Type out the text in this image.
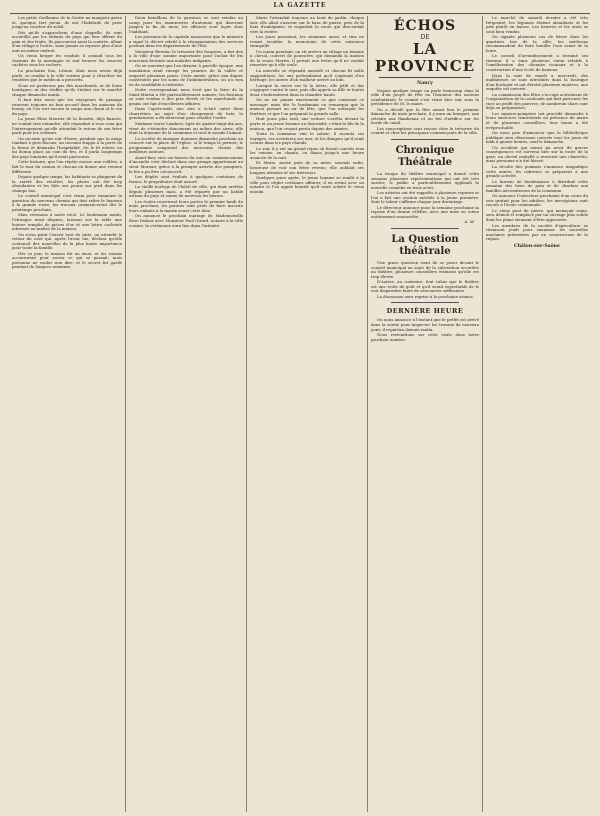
LA GAZETTE

Les petits Guillaume de la Grotte ne mangent guère et, quoique fort pieux, ils ont l'habitude de prier jusqu'au coucher du soleil.

Dès qu'ils s'approchent d'une chapelle, ils sont accueillis par les enfants du pays qui leur offrent du pain et des fruits. Ils parcourent ainsi la contrée, allant d'un village à l'autre, sans jamais se reposer plus d'une nuit au même endroit.

Un vieux berger les conduit; il connaît tous les chemins de la montagne et sait trouver les sources cachées sous les rochers.

La prochaine fois, Léonie, dont nous avons déjà parlé, se rendra à la ville voisine pour y chercher les remèdes que le médecin a prescrits.

Nous ne parlerons pas des marchands, ni de leurs boutiques, ni des étoffes qu'ils étalent sur le marché chaque dimanche matin.

Il faut dire aussi que les voyageurs de passage trouvent toujours un bon accueil dans les maisons du bourg, où l'on sert encore la soupe aux choux et le vin du pays.

La jeune Elise Mourier de la Rosette, déjà fiancée, ne voulait rien entendre; elle répondait à tous ceux qui l'interrogeaient qu'elle attendait le retour de son frère parti pour les colonies.

On raconte qu'un soir d'hiver, pendant que la neige tombait à gros flocons, un inconnu frappa à la porte de la ferme et demanda l'hospitalité. On le fit entrer, on lui donna place au coin du feu, et il parla longtemps des pays lointains qu'il avait parcourus.

Cette histoire, que l'on répète encore aux veillées, a fait le tour du canton et chacun en donne une version différente.

Depuis quelque temps, les habitants se plaignent de la rareté des récoltes; les pluies ont été trop abondantes et les blés ont pourri sur pied dans les champs bas.

Le conseil municipal s'est réuni pour examiner la question du nouveau chemin qui doit relier le hameau à la grande route; les travaux commenceront dès le printemps prochain.

Mais revenons à notre récit. Le lendemain matin, l'étranger avait disparu, laissant sur la table une bourse remplie de pièces d'or et une lettre cachetée adressée au maître de la maison.

On n'osa point l'ouvrir tout de suite; on attendit le retour du curé qui, après l'avoir lue, déclara qu'elle contenait des nouvelles de la plus haute importance pour toute la famille.

Dès ce jour, la maison fut en émoi, et les voisins accoururent pour savoir ce qui se passait; mais personne ne voulut rien dire, et le secret fut gardé pendant de longues semaines.

Deux bataillons de la garnison se sont rendus au camp pour les manœuvres d'automne qui dureront jusqu'à la fin du mois; les officiers sont logés chez l'habitant.

Les journaux de la capitale annoncent que le ministre a signé le décret relatif à la réorganisation des services postaux dans les départements de l'Est.

Monsieur Bernier, le trésorier des hospices, a fait don à la ville d'une somme importante pour l'achat de lits nouveaux destinés aux malades indigents.

On se souvient que l'an dernier, à pareille époque, une inondation avait ravagé les prairies de la vallée et emporté plusieurs ponts. Cette année, grâce aux digues construites par les soins de l'administration, on n'a rien eu de semblable à redouter.

Notre correspondant nous écrit que la foire de la Saint-Martin a été particulièrement animée; les bestiaux se sont vendus à des prix élevés et les marchands de grains ont fait d'excellentes affaires.

Dans l'après-midi, une rixe a éclaté entre deux charretiers au sujet d'un chargement de bois; la gendarmerie a dû intervenir pour rétablir l'ordre.

Madame veuve Lambert, âgée de quatre-vingt-dix ans, vient de s'éteindre doucement au milieu des siens; elle était la doyenne de la commune et tout le monde l'aimait.

La société de musique donnera dimanche prochain un concert sur la place de l'église, si le temps le permet; le programme comprend des morceaux choisis des meilleurs auteurs.

Avant-hier, vers six heures du soir, un commencement d'incendie s'est déclaré dans une grange appartenant au sieur Moreau; grâce à la prompte arrivée des pompiers, le feu a pu être circonscrit.

Les dégâts sont évalués à quelques centaines de francs; le propriétaire était assuré.

La vieille horloge de l'hôtel de ville, qui était arrêtée depuis plusieurs mois, a été réparée par un habile artisan du pays et sonne de nouveau les heures.

Les écoles rouvriront leurs portes le premier lundi du mois prochain; les parents sont priés de faire inscrire leurs enfants à la mairie avant cette date.

On annonce le prochain mariage de Mademoiselle Rose Dufour avec Monsieur Paul Girard, notaire à la ville voisine; la cérémonie aura lieu dans l'intimité.

Marie l'attendait toujours au bout du jardin; chaque soir, elle allait s'asseoir sur le banc de pierre, près de la haie d'aubépines, et regardait la route qui descendait vers la rivière.

Les jours passaient, les semaines aussi, et rien ne venait troubler la monotonie de cette existence tranquille.

Un matin pourtant, on vit arriver au village un homme à cheval, couvert de poussière, qui demanda la maison de la veuve Martin. Il portait une lettre qu'il ne voulait remettre qu'à elle seule.

La nouvelle se répandit aussitôt et chacun fit mille suppositions; les uns prétendaient qu'il s'agissait d'un héritage, les autres d'un malheur arrivé au loin.

Lorsque la veuve eut lu la lettre, elle pâlit et dut s'appuyer contre le mur; puis elle appela sa fille et toutes deux s'enfermèrent dans la chambre haute.

On ne sut jamais exactement ce que contenait ce message; mais dès le lendemain on remarqua que la maison prenait un air de fête, que l'on nettoyait les fenêtres et que l'on préparait la grande salle.

Huit jours plus tard, une voiture s'arrêta devant la porte et un jeune homme en descendit; c'était le fils de la maison, que l'on croyait perdu depuis des années.

Toute la commune vint le saluer; il raconta ses voyages, ses aventures sur mer, et les dangers qu'il avait courus dans les pays chauds.

Le soir, il y eut un grand repas où furent conviés tous les voisins; on chanta, on dansa jusqu'à une heure avancée de la nuit.

Et Marie, assise près de sa mère, souriait enfin, heureuse de voir son frère revenu; elle oubliait ses longues attentes et ses tristesses.

Quelques jours après, le jeune homme se rendit à la ville pour régler certaines affaires; il en revint avec un notaire et l'on apprit bientôt qu'il avait acheté le vieux moulin.

ÉCHOS
DE
LA PROVINCE
Nancy

Depuis quelque temps on parle beaucoup dans la ville d'un projet de fête en l'honneur des anciens combattants; le comité s'est réuni hier soir sous la présidence de M. le maire.

On a décidé que la fête aurait lieu le premier dimanche du mois prochain; il y aura un banquet, une retraite aux flambeaux et un feu d'artifice sur les bords du canal.

Les souscriptions sont reçues chez le trésorier du comité et chez les principaux commerçants de la ville.

Chronique Théâtrale

La troupe du théâtre municipal a donné cette semaine plusieurs représentations qui ont été très suivies; le public a particulièrement applaudi la nouvelle comédie en trois actes.

Les artistes ont été rappelés à plusieurs reprises et l'on a fait une ovation méritée à la jeune première, dont le talent s'affirme chaque jour davantage.

Le directeur annonce pour la semaine prochaine la reprise d'un drame célèbre, avec une mise en scène entièrement renouvelée.

A. M.
La Question théâtrale

Une grave question vient de se poser devant le conseil municipal au sujet de la subvention accordée au théâtre; plusieurs conseillers estiment qu'elle est trop élevée.

D'autres, au contraire, font valoir que le théâtre est une école de goût et qu'il serait regrettable de le voir disparaître faute de ressources suffisantes.

La discussion sera reprise à la prochaine séance.

DERNIÈRE HEURE

On nous annonce à l'instant que le préfet est arrivé dans la soirée pour inspecter les travaux du nouveau pont; il repartira demain matin.

Nous reviendrons sur cette visite dans notre prochain numéro.

Le marché de samedi dernier a été très fréquenté; les légumes étaient abondants et les prix plutôt en baisse. Les beurres et les œufs se sont bien vendus.

On signale plusieurs cas de fièvre dans les quartiers bas de la ville; les médecins recommandent de faire bouillir l'eau avant de la boire.

Le conseil d'arrondissement a terminé ses travaux; il a émis plusieurs vœux relatifs à l'amélioration des chemins vicinaux et à la construction d'une école de hameau.

Dans la nuit de mardi à mercredi, des malfaiteurs se sont introduits dans la boutique d'un horloger et ont dérobé plusieurs montres; une enquête est ouverte.

La commission des fêtes s'occupe activement de l'organisation de la cavalcade qui doit parcourir les rues au profit des pauvres; de nombreux chars sont déjà en préparation.

Les sapeurs-pompiers ont procédé dimanche à leurs exercices trimestriels en présence du maire et de plusieurs conseillers; leur tenue a été irréprochable.

On nous prie d'annoncer que la bibliothèque publique sera désormais ouverte tous les jours de midi à quatre heures, sauf le dimanche.

Un accident qui aurait pu avoir de graves conséquences est survenu hier sur la route de la gare; un cheval emballé a renversé une charrette, mais personne n'a été blessé.

La récolte des pommes s'annonce magnifique cette année; les cidreries se préparent à une grande activité.

Le bureau de bienfaisance a distribué cette semaine des bons de pain et de charbon aux familles nécessiteuses de la commune.

On annonce l'ouverture prochaine d'un cours du soir gratuit pour les adultes; les inscriptions sont reçues à l'école communale.

Le vieux pont de pierre, qui menaçait ruine, sera démoli et remplacé par un ouvrage plus solide dont les plans viennent d'être approuvés.

Les membres de la société d'agriculture se réuniront jeudi pour examiner les nouvelles machines présentées par un constructeur de la région.

Châlon-sur-Saône
